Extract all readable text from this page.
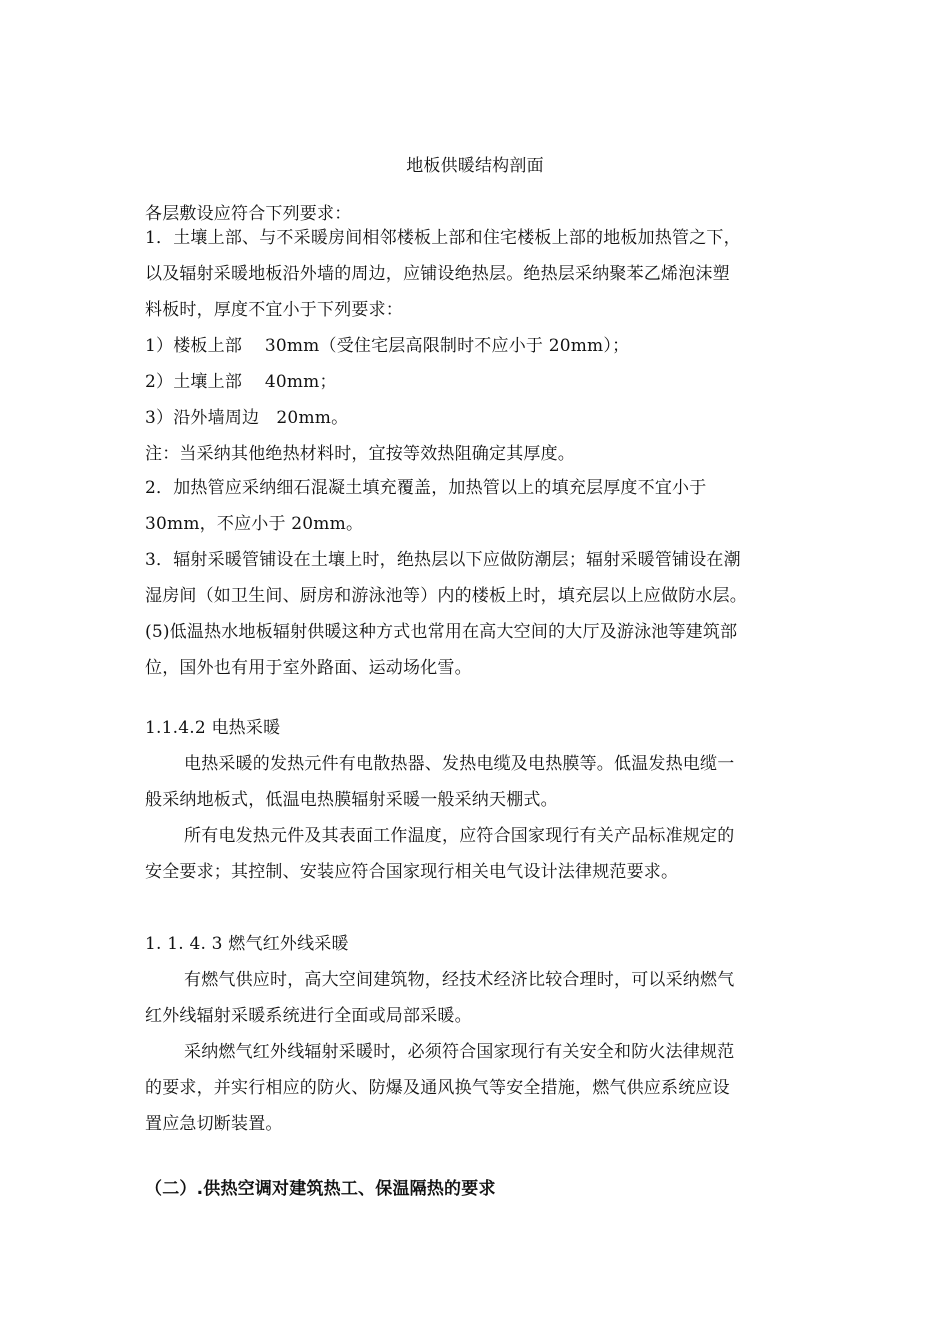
地板供暖结构剖面
各层敷设应符合下列要求：
1．土壤上部、与不采暖房间相邻楼板上部和住宅楼板上部的地板加热管之下，
以及辐射采暖地板沿外墙的周边，应铺设绝热层。绝热层采纳聚苯乙烯泡沫塑
料板时，厚度不宜小于下列要求：
1）楼板上部　 30mm（受住宅层高限制时不应小于 20mm）；
2）土壤上部　 40mm；
3）沿外墙周边　20mm。
注：当采纳其他绝热材料时，宜按等效热阻确定其厚度。
2．加热管应采纳细石混凝土填充覆盖，加热管以上的填充层厚度不宜小于
30mm，不应小于 20mm。
3．辐射采暖管铺设在土壤上时，绝热层以下应做防潮层；辐射采暖管铺设在潮
湿房间（如卫生间、厨房和游泳池等）内的楼板上时，填充层以上应做防水层。
(5)低温热水地板辐射供暖这种方式也常用在高大空间的大厅及游泳池等建筑部
位，国外也有用于室外路面、运动场化雪。
1.1.4.2 电热采暖
电热采暖的发热元件有电散热器、发热电缆及电热膜等。低温发热电缆一
般采纳地板式，低温电热膜辐射采暖一般采纳天棚式。
所有电发热元件及其表面工作温度，应符合国家现行有关产品标准规定的
安全要求；其控制、安装应符合国家现行相关电气设计法律规范要求。
1. 1. 4. 3 燃气红外线采暖
有燃气供应时，高大空间建筑物，经技术经济比较合理时，可以采纳燃气
红外线辐射采暖系统进行全面或局部采暖。
采纳燃气红外线辐射采暖时，必须符合国家现行有关安全和防火法律规范
的要求，并实行相应的防火、防爆及通风换气等安全措施，燃气供应系统应设
置应急切断装置。
（二）.供热空调对建筑热工、保温隔热的要求
